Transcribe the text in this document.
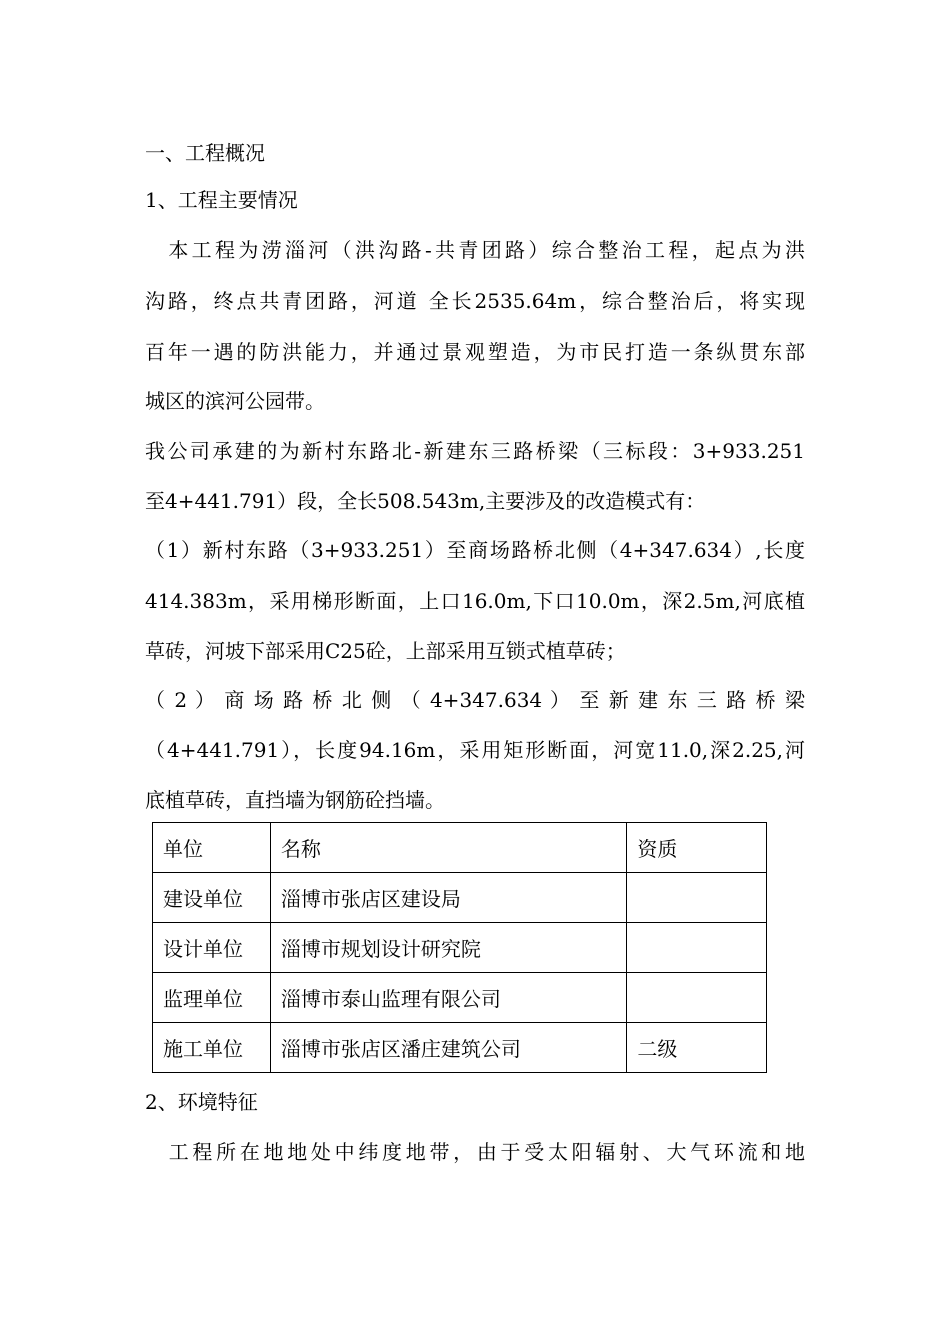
一、工程概况
1、工程主要情况
　本工程为涝淄河（洪沟路-共青团路）综合整治工程，起点为洪
沟路，终点共青团路，河道 全长2535.64m，综合整治后，将实现
百年一遇的防洪能力，并通过景观塑造，为市民打造一条纵贯东部
城区的滨河公园带。
我公司承建的为新村东路北-新建东三路桥梁（三标段：3+933.251
至4+441.791）段，全长508.543m,主要涉及的改造模式有：
（1）新村东路（3+933.251）至商场路桥北侧（4+347.634）,长度
414.383m，采用梯形断面，上口16.0m,下口10.0m，深2.5m,河底植
草砖，河坡下部采用C25砼，上部采用互锁式植草砖；
（ 2 ） 商 场 路 桥 北 侧 （ 4+347.634 ） 至 新 建 东 三 路 桥 梁
（4+441.791），长度94.16m，采用矩形断面，河宽11.0,深2.25,河
底植草砖，直挡墙为钢筋砼挡墙。
单位	名称	资质
建设单位	淄博市张店区建设局	
设计单位	淄博市规划设计研究院	
监理单位	淄博市泰山监理有限公司	
施工单位	淄博市张店区潘庄建筑公司	二级
2、环境特征
　工程所在地地处中纬度地带，由于受太阳辐射、大气环流和地
